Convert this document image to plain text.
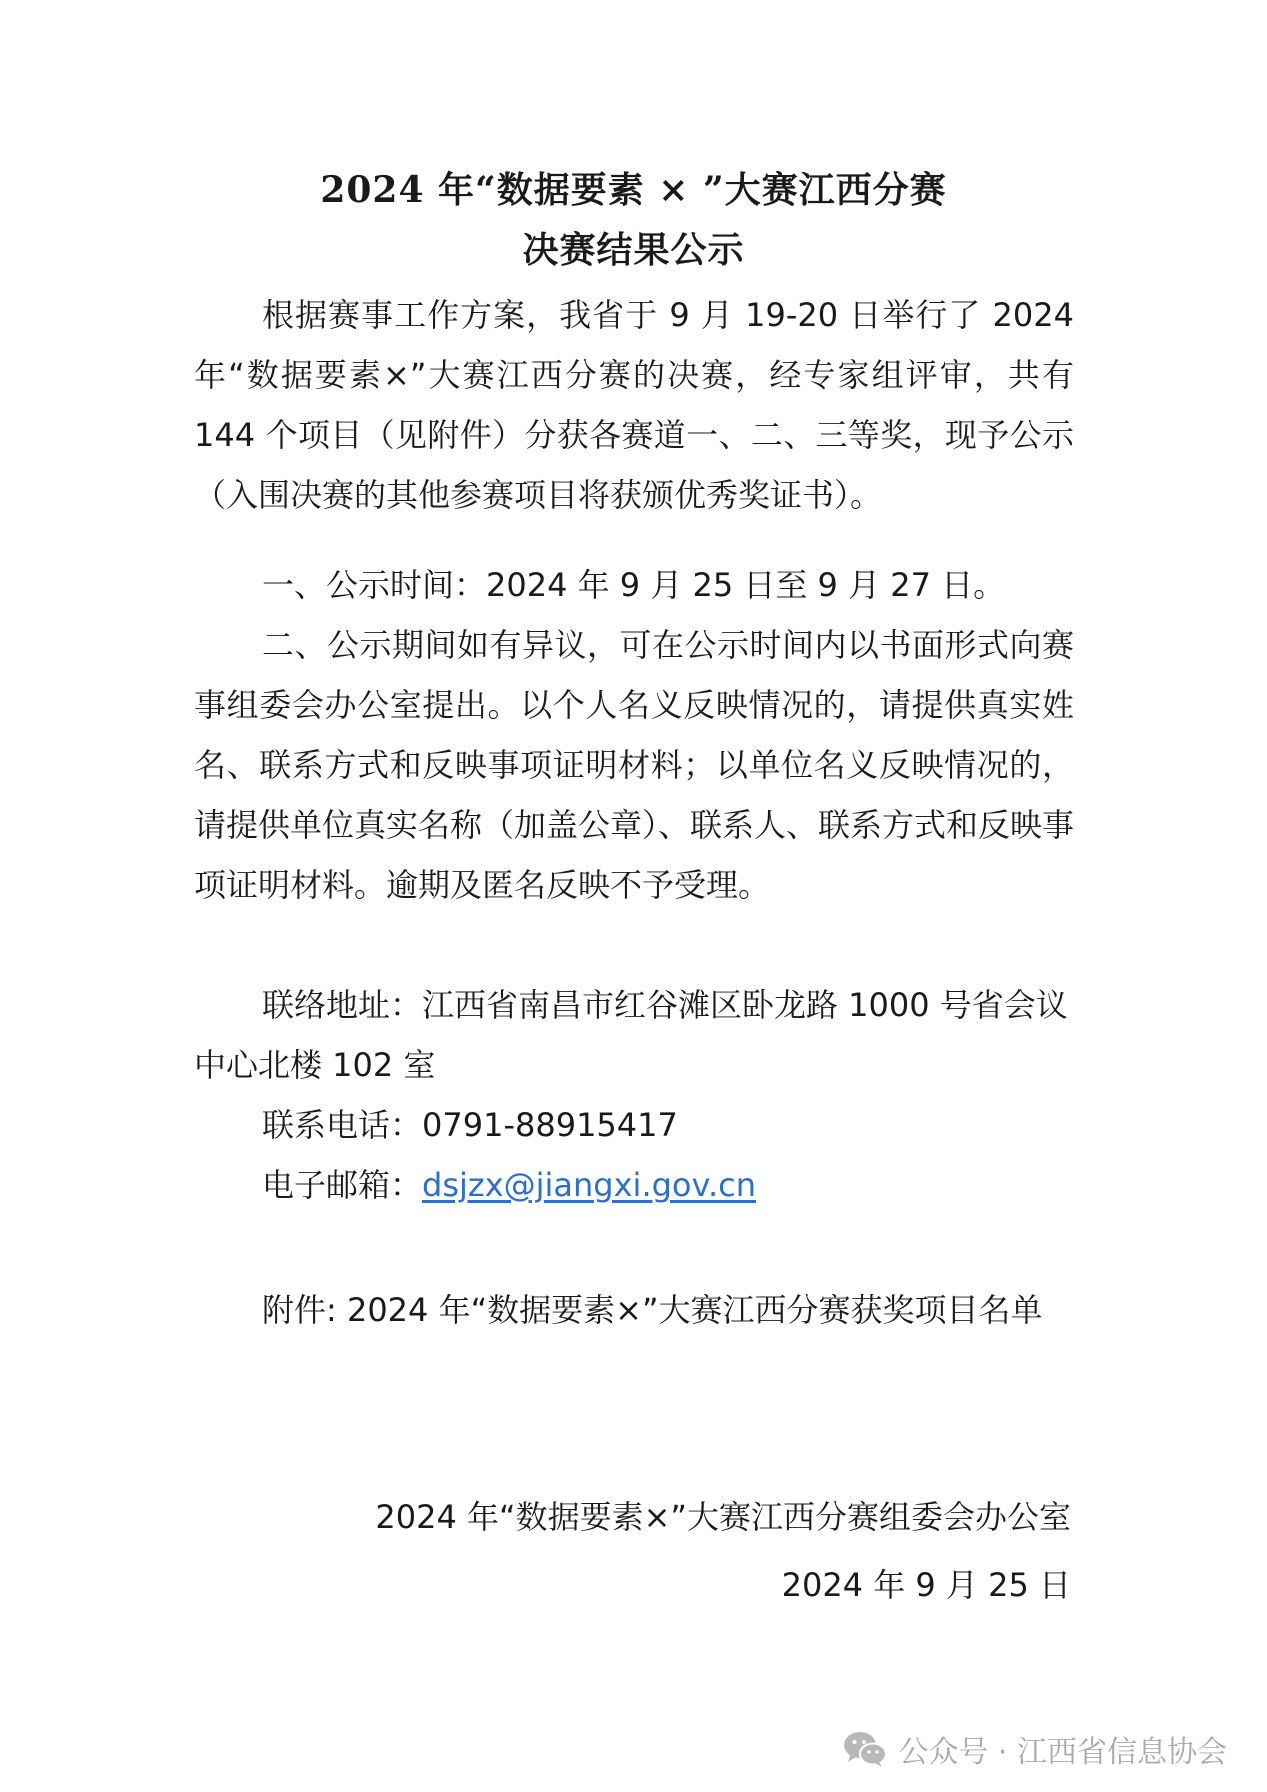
2024 年“数据要素 × ”大赛江西分赛
决赛结果公示

根据赛事工作方案，我省于 9 月 19-20 日举行了 2024 年“数据要素×”大赛江西分赛的决赛，经专家组评审，共有 144 个项目（见附件）分获各赛道一、二、三等奖，现予公示（入围决赛的其他参赛项目将获颁优秀奖证书）。

一、公示时间：2024 年 9 月 25 日至 9 月 27 日。

二、公示期间如有异议，可在公示时间内以书面形式向赛事组委会办公室提出。以个人名义反映情况的，请提供真实姓名、联系方式和反映事项证明材料；以单位名义反映情况的，请提供单位真实名称（加盖公章）、联系人、联系方式和反映事项证明材料。逾期及匿名反映不予受理。

联络地址：江西省南昌市红谷滩区卧龙路 1000 号省会议中心北楼 102 室

联系电话：0791-88915417

电子邮箱：dsjzx@jiangxi.gov.cn

附件: 2024 年“数据要素×”大赛江西分赛获奖项目名单

2024 年“数据要素×”大赛江西分赛组委会办公室

2024 年 9 月 25 日

公众号 · 江西省信息协会
